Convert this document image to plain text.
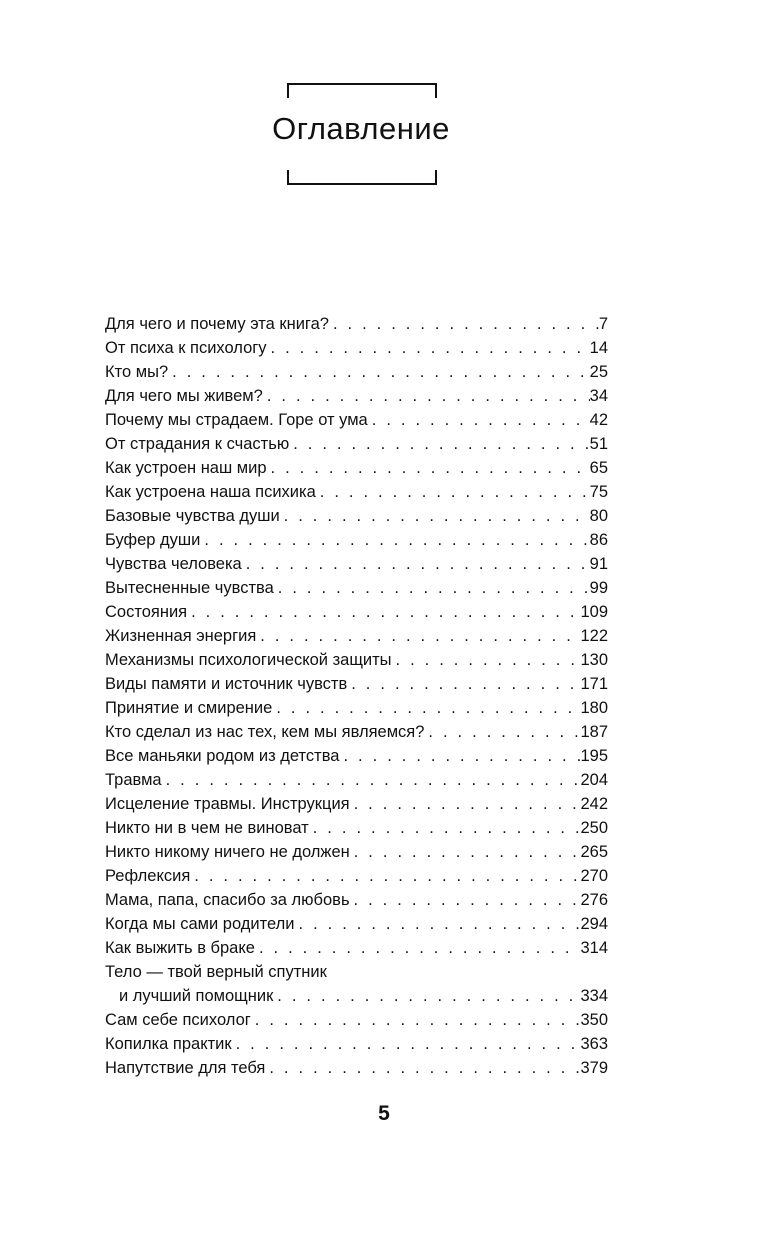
Оглавление
Для чего и почему эта книга? . . .	7
От психа к психологу . . .	14
Кто мы? . . .	25
Для чего мы живем? . . .	34
Почему мы страдаем. Горе от ума . . .	42
От страдания к счастью . . .	51
Как устроен наш мир . . .	65
Как устроена наша психика . . .	75
Базовые чувства души . . .	80
Буфер души . . .	86
Чувства человека . . .	91
Вытесненные чувства . . .	99
Состояния . . .	109
Жизненная энергия . . .	122
Механизмы психологической защиты . . .	130
Виды памяти и источник чувств . . .	171
Принятие и смирение . . .	180
Кто сделал из нас тех, кем мы являемся? . . .	187
Все маньяки родом из детства . . .	195
Травма . . .	204
Исцеление травмы. Инструкция . . .	242
Никто ни в чем не виноват . . .	250
Никто никому ничего не должен . . .	265
Рефлексия . . .	270
Мама, папа, спасибо за любовь . . .	276
Когда мы сами родители . . .	294
Как выжить в браке . . .	314
Тело — твой верный спутник
и лучший помощник . . .	334
Сам себе психолог . . .	350
Копилка практик . . .	363
Напутствие для тебя . . .	379
5
